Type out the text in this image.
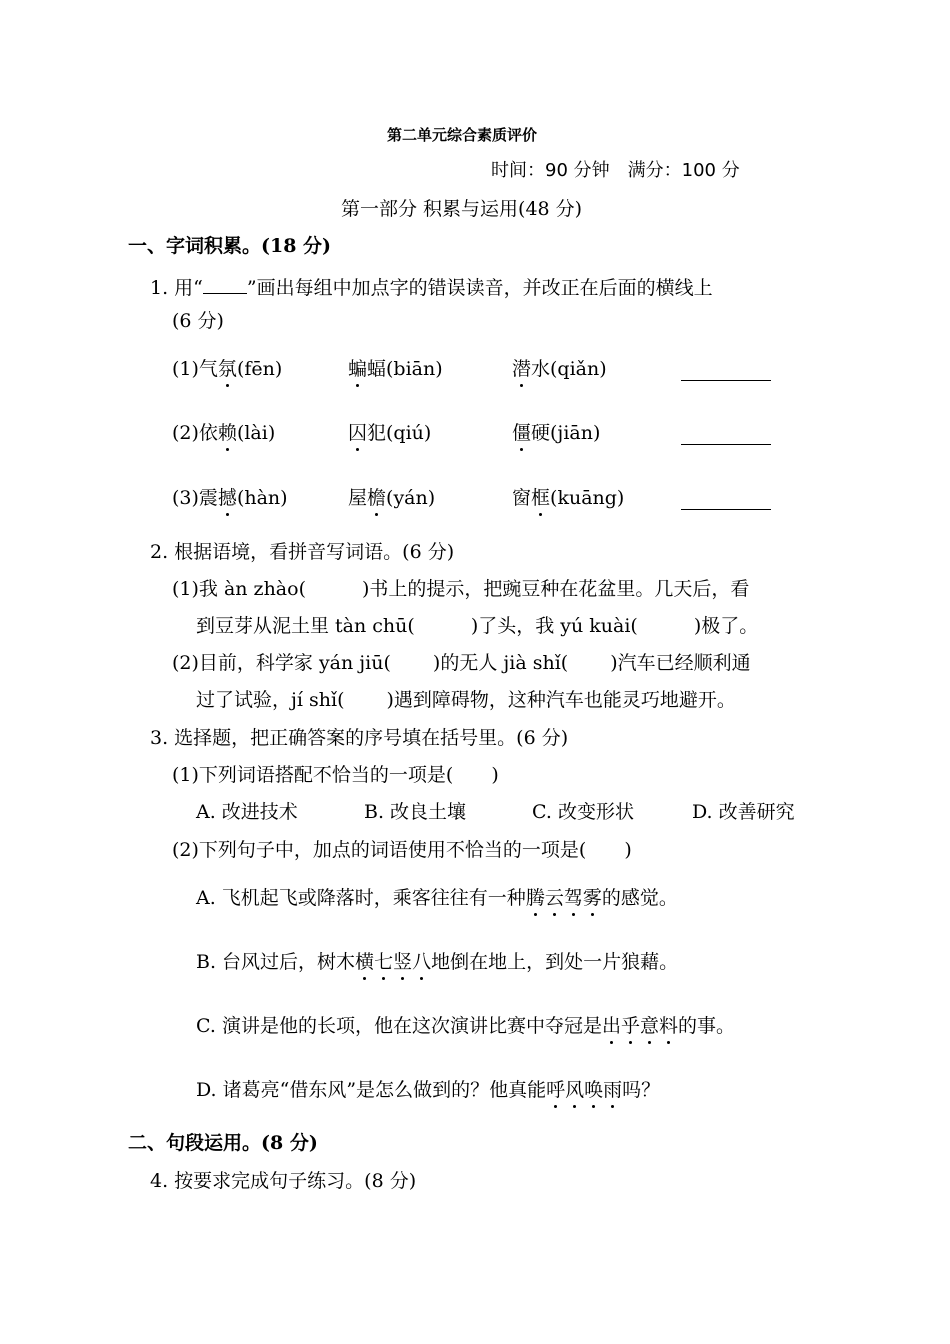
第二单元综合素质评价
时间：90 分钟　满分：100 分
第一部分 积累与运用(48 分)
一、字词积累。(18 分)
1. 用“ ”画出每组中加点字的错误读音，并改正在后面的横线上
(6 分)
(1)气氛(fēn)	蝙蝠(biān)	潜水(qiǎn)
(2)依赖(lài)	囚犯(qiú)	僵硬(jiān)
(3)震撼(hàn)	屋檐(yán)	窗框(kuāng)
2. 根据语境，看拼音写词语。(6 分)
(1)我 àn zhào(	)书上的提示，把豌豆种在花盆里。几天后，看
到豆芽从泥土里 tàn chū(	)了头，我 yú kuài(	)极了。
(2)目前，科学家 yán jiū( )的无人 jià shǐ( )汽车已经顺利通
过了试验，jí shǐ( )遇到障碍物，这种汽车也能灵巧地避开。
3. 选择题，把正确答案的序号填在括号里。(6 分)
(1)下列词语搭配不恰当的一项是(　　)
A. 改进技术	B. 改良土壤	C. 改变形状	D. 改善研究
(2)下列句子中，加点的词语使用不恰当的一项是(　　)
A. 飞机起飞或降落时，乘客往往有一种腾云驾雾的感觉。
B. 台风过后，树木横七竖八地倒在地上，到处一片狼藉。
C. 演讲是他的长项，他在这次演讲比赛中夺冠是出乎意料的事。
D. 诸葛亮“借东风”是怎么做到的？他真能呼风唤雨吗？
二、句段运用。(8 分)
4. 按要求完成句子练习。(8 分)
